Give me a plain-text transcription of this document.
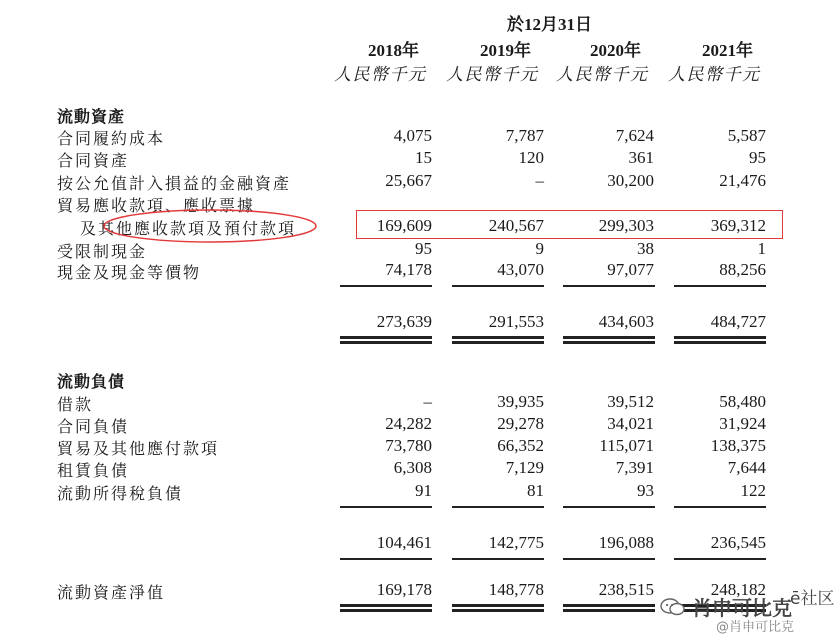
於12月31日
2018年	2019年	2020年	2021年
人民幣千元 人民幣千元 人民幣千元 人民幣千元
流動資產
合同履約成本	4,075	7,787	7,624	5,587
合同資產	15	120	361	95
按公允值計入損益的金融資產	25,667	–	30,200	21,476
貿易應收款項、應收票據
及其他應收款項及預付款項	169,609	240,567	299,303	369,312
受限制現金	95	9	38	1
現金及現金等價物	74,178	43,070	97,077	88,256
273,639	291,553	434,603	484,727
流動負債
借款	–	39,935	39,512	58,480
合同負債	24,282	29,278	34,021	31,924
貿易及其他應付款項	73,780	66,352	115,071	138,375
租賃負債	6,308	7,129	7,391	7,644
流動所得稅負債	91	81	93	122
104,461	142,775	196,088	236,545
流動資產淨值	169,178	148,778	238,515	248,182
肖申可比克
ē社区
@肖申可比克
